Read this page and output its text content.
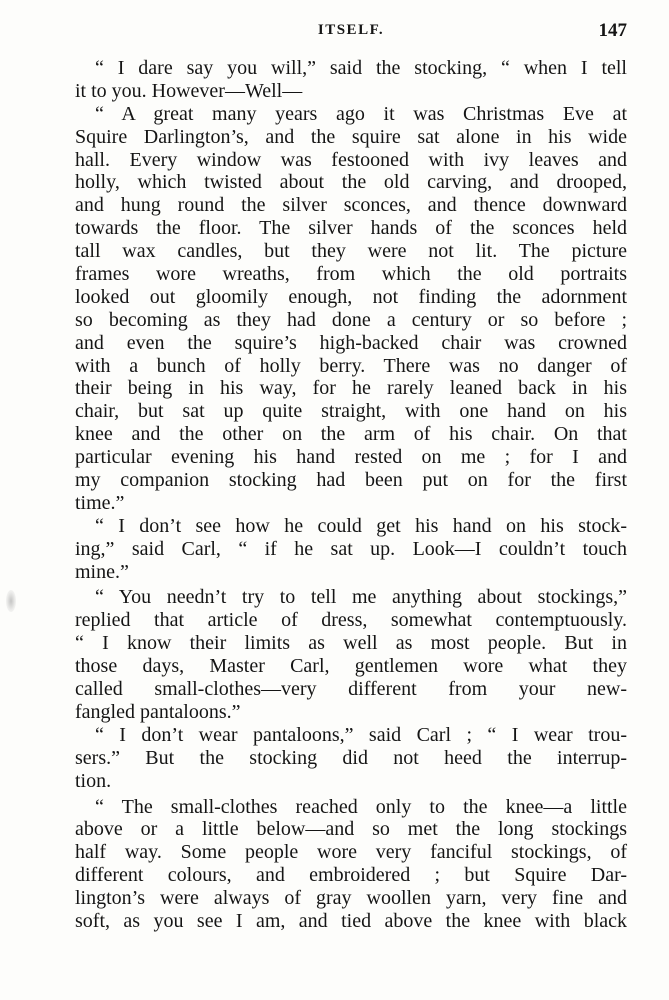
ITSELF.	147
“ I dare say you will,” said the stocking, “ when I tell
it to you. However—Well—
“ A great many years ago it was Christmas Eve at
Squire Darlington’s, and the squire sat alone in his wide
hall. Every window was festooned with ivy leaves and
holly, which twisted about the old carving, and drooped,
and hung round the silver sconces, and thence downward
towards the floor. The silver hands of the sconces held
tall wax candles, but they were not lit. The picture
frames wore wreaths, from which the old portraits
looked out gloomily enough, not finding the adornment
so becoming as they had done a century or so before ;
and even the squire’s high-backed chair was crowned
with a bunch of holly berry. There was no danger of
their being in his way, for he rarely leaned back in his
chair, but sat up quite straight, with one hand on his
knee and the other on the arm of his chair. On that
particular evening his hand rested on me ; for I and
my companion stocking had been put on for the first
time.”
“ I don’t see how he could get his hand on his stock-
ing,” said Carl, “ if he sat up. Look—I couldn’t touch
mine.”
“ You needn’t try to tell me anything about stockings,”
replied that article of dress, somewhat contemptuously.
“ I know their limits as well as most people. But in
those days, Master Carl, gentlemen wore what they
called small-clothes—very different from your new-
fangled pantaloons.”
“ I don’t wear pantaloons,” said Carl ; “ I wear trou-
sers.” But the stocking did not heed the interrup-
tion.
“ The small-clothes reached only to the knee—a little
above or a little below—and so met the long stockings
half way. Some people wore very fanciful stockings, of
different colours, and embroidered ; but Squire Dar-
lington’s were always of gray woollen yarn, very fine and
soft, as you see I am, and tied above the knee with black
